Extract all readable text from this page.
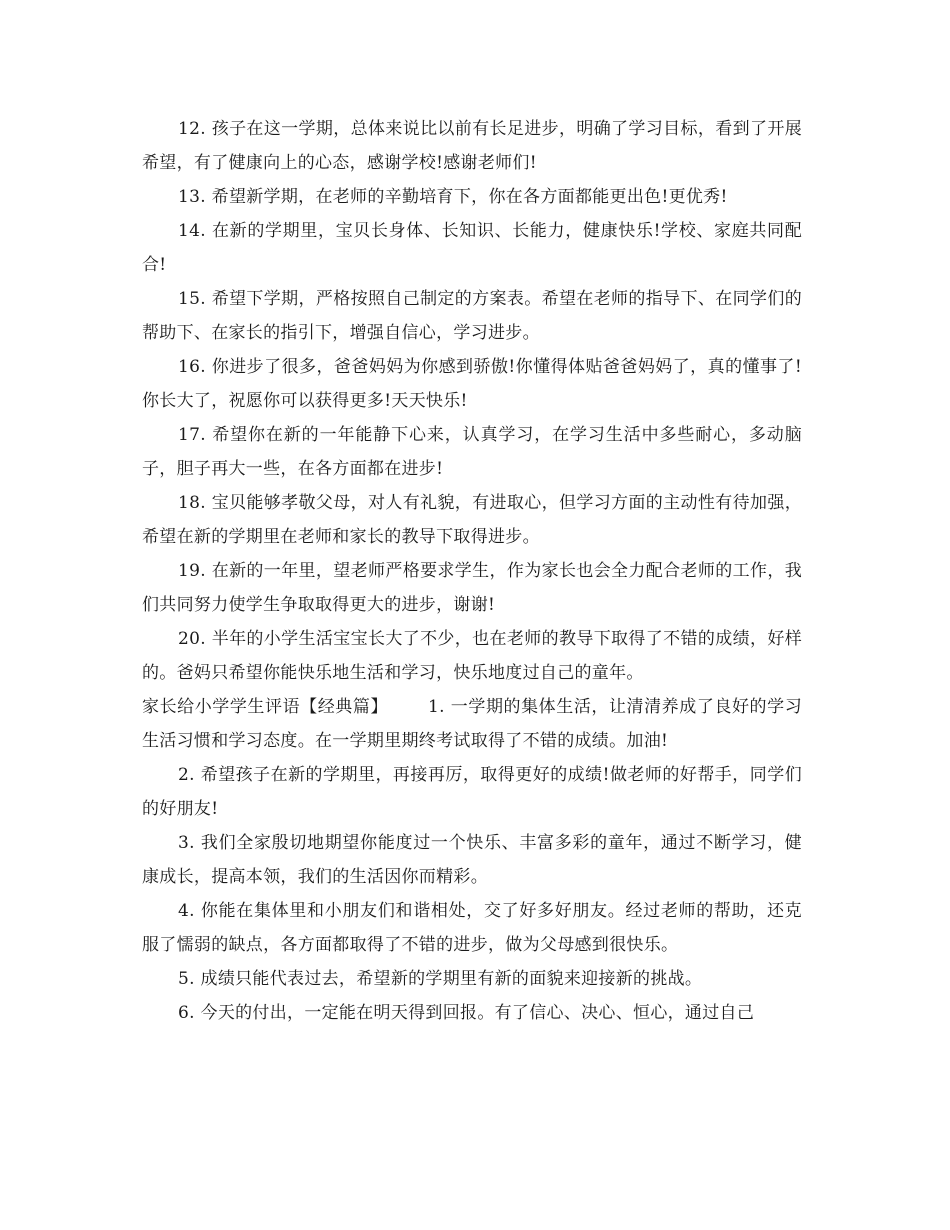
12. 孩子在这一学期，总体来说比以前有长足进步，明确了学习目标，看到了开展希望，有了健康向上的心态，感谢学校!感谢老师们!

13. 希望新学期，在老师的辛勤培育下，你在各方面都能更出色!更优秀!

14. 在新的学期里，宝贝长身体、长知识、长能力，健康快乐!学校、家庭共同配合!

15. 希望下学期，严格按照自己制定的方案表。希望在老师的指导下、在同学们的帮助下、在家长的指引下，增强自信心，学习进步。

16. 你进步了很多，爸爸妈妈为你感到骄傲!你懂得体贴爸爸妈妈了，真的懂事了!你长大了，祝愿你可以获得更多!天天快乐!

17. 希望你在新的一年能静下心来，认真学习，在学习生活中多些耐心，多动脑子，胆子再大一些，在各方面都在进步!

18. 宝贝能够孝敬父母，对人有礼貌，有进取心，但学习方面的主动性有待加强，希望在新的学期里在老师和家长的教导下取得进步。

19. 在新的一年里，望老师严格要求学生，作为家长也会全力配合老师的工作，我们共同努力使学生争取取得更大的进步，谢谢!

20. 半年的小学生活宝宝长大了不少，也在老师的教导下取得了不错的成绩，好样的。爸妈只希望你能快乐地生活和学习，快乐地度过自己的童年。

家长给小学学生评语【经典篇】 1. 一学期的集体生活，让清清养成了良好的学习生活习惯和学习态度。在一学期里期终考试取得了不错的成绩。加油!

2. 希望孩子在新的学期里，再接再厉，取得更好的成绩!做老师的好帮手，同学们的好朋友!

3. 我们全家殷切地期望你能度过一个快乐、丰富多彩的童年，通过不断学习，健康成长，提高本领，我们的生活因你而精彩。

4. 你能在集体里和小朋友们和谐相处，交了好多好朋友。经过老师的帮助，还克服了懦弱的缺点，各方面都取得了不错的进步，做为父母感到很快乐。

5. 成绩只能代表过去，希望新的学期里有新的面貌来迎接新的挑战。

6. 今天的付出，一定能在明天得到回报。有了信心、决心、恒心，通过自己
